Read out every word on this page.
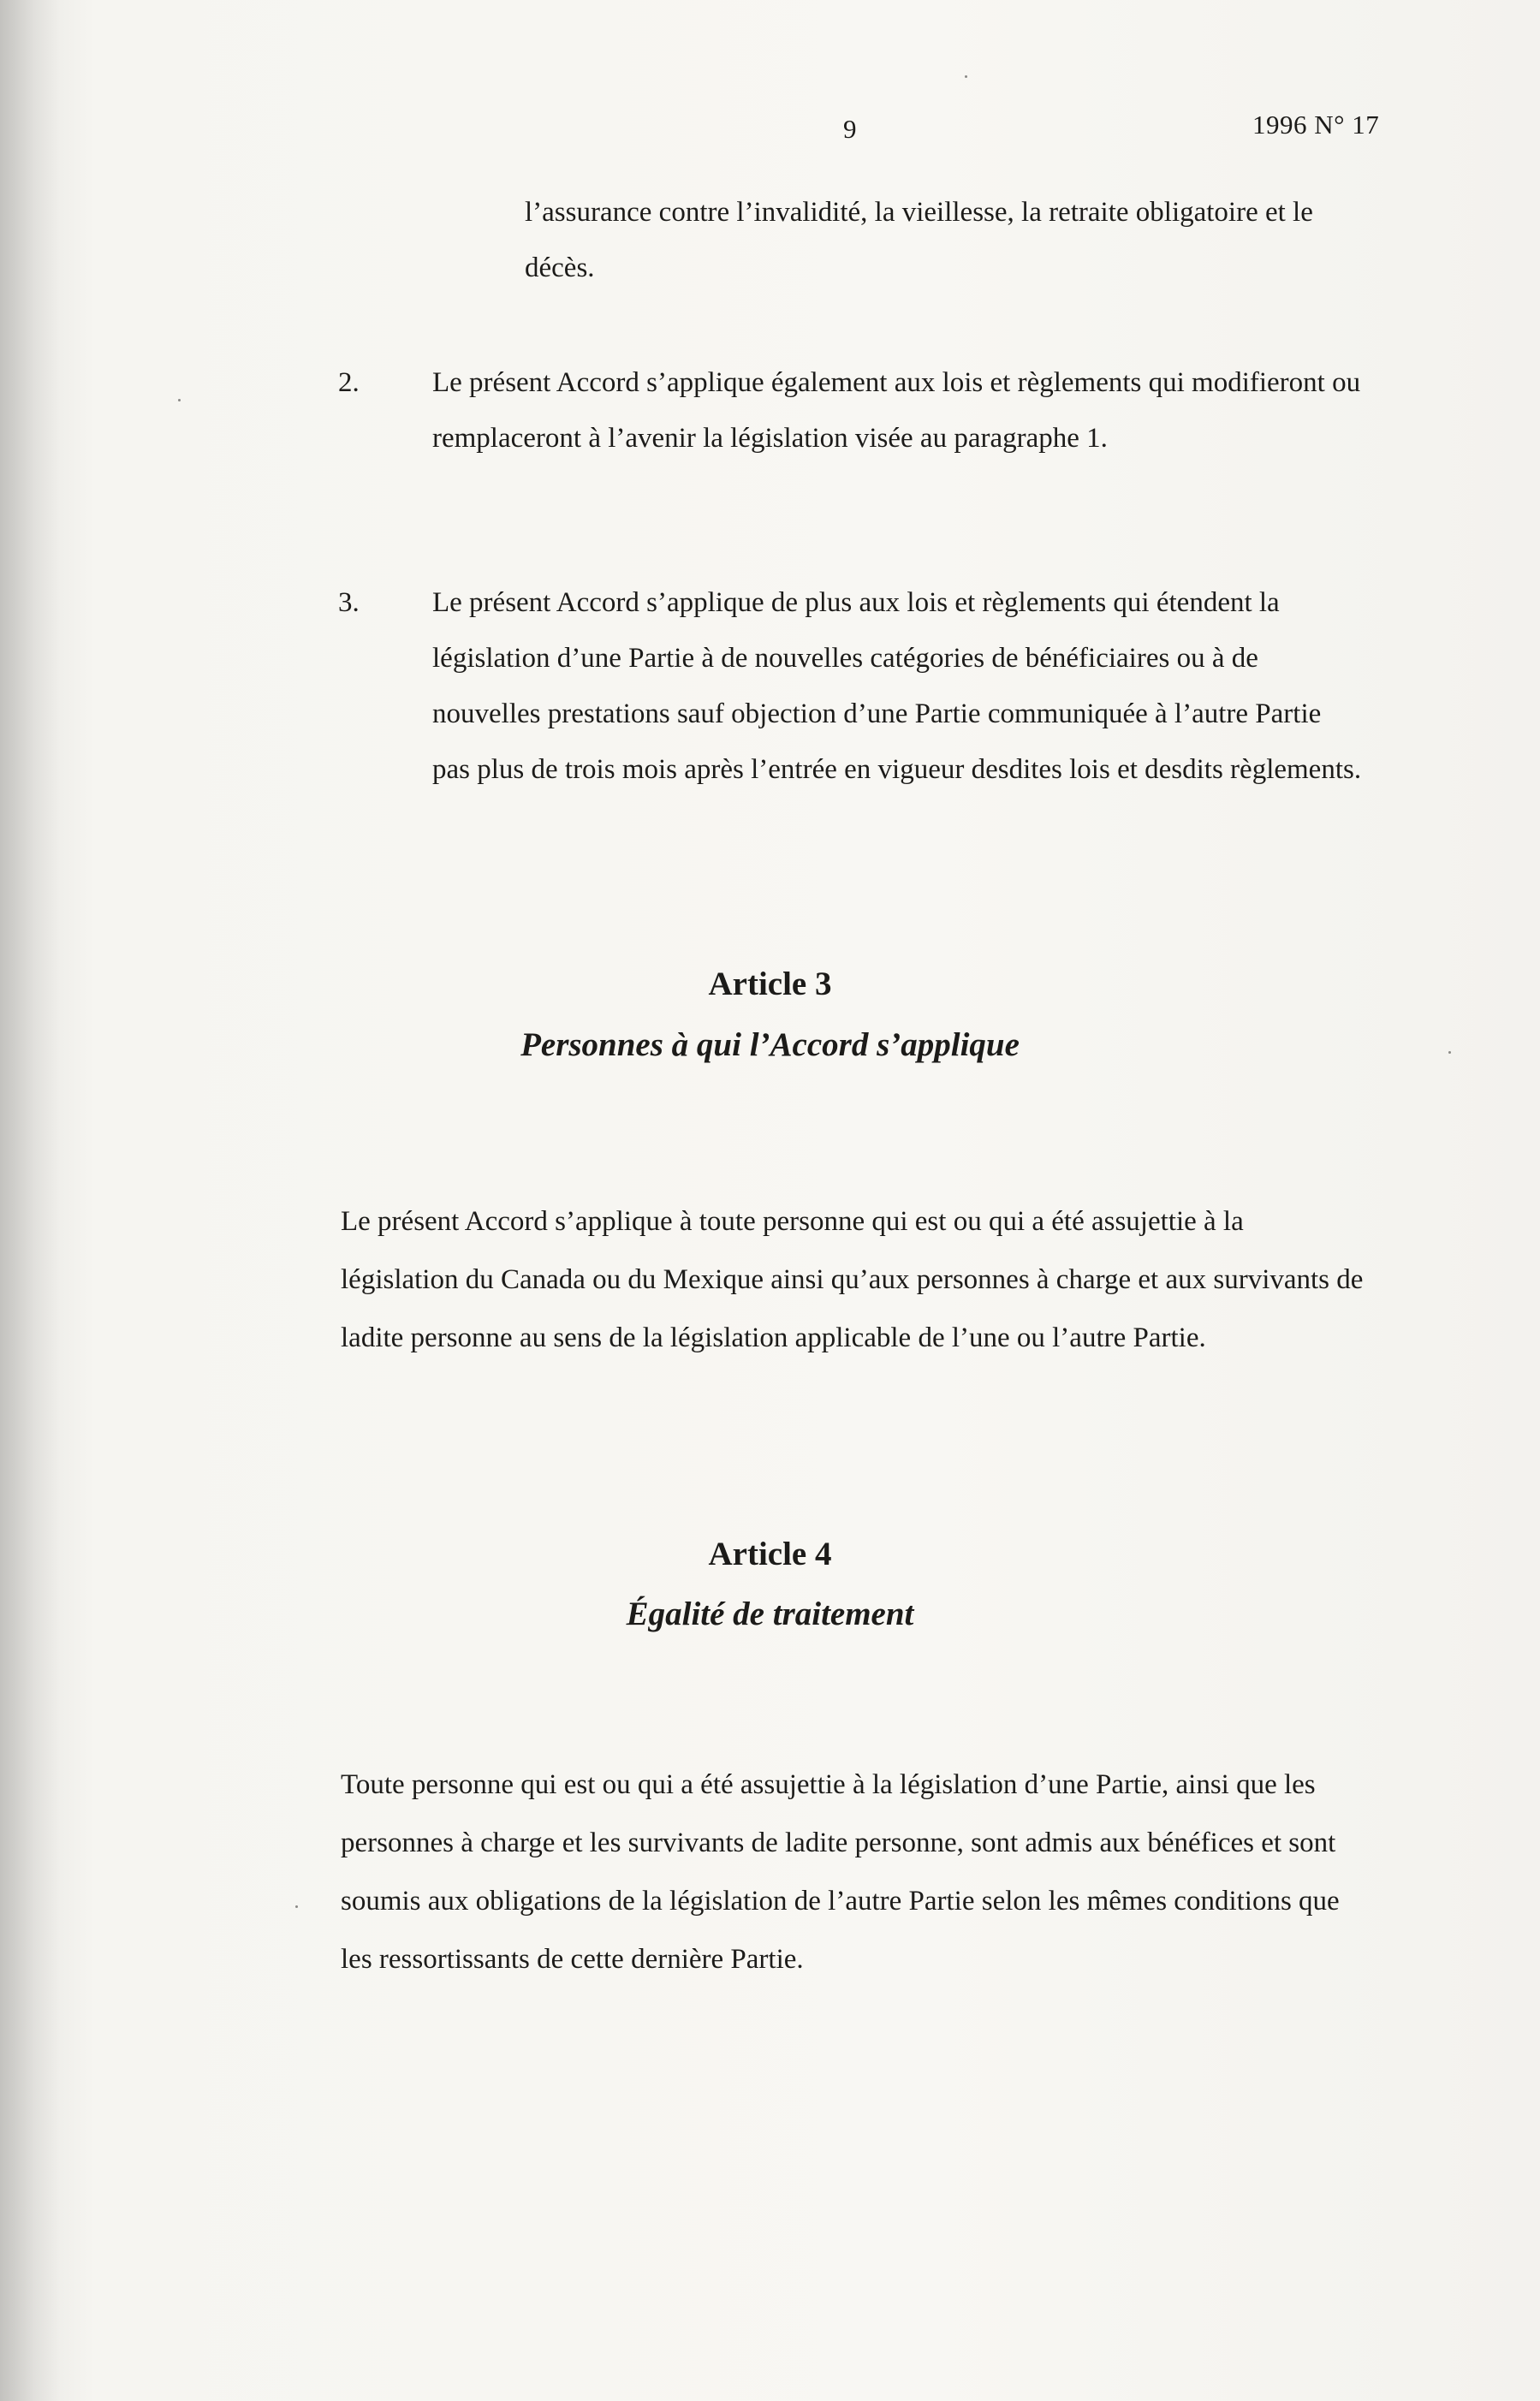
9	1996 N° 17

l’assurance contre l’invalidité, la vieillesse, la retraite obligatoire et le décès.

2.	Le présent Accord s’applique également aux lois et règlements qui modifieront ou remplaceront à l’avenir la législation visée au paragraphe 1.

3.	Le présent Accord s’applique de plus aux lois et règlements qui étendent la législation d’une Partie à de nouvelles catégories de bénéficiaires ou à de nouvelles prestations sauf objection d’une Partie communiquée à l’autre Partie pas plus de trois mois après l’entrée en vigueur desdites lois et desdits règlements.

Article 3
Personnes à qui l’Accord s’applique

Le présent Accord s’applique à toute personne qui est ou qui a été assujettie à la législation du Canada ou du Mexique ainsi qu’aux personnes à charge et aux survivants de ladite personne au sens de la législation applicable de l’une ou l’autre Partie.

Article 4
Égalité de traitement

Toute personne qui est ou qui a été assujettie à la législation d’une Partie, ainsi que les personnes à charge et les survivants de ladite personne, sont admis aux bénéfices et sont soumis aux obligations de la législation de l’autre Partie selon les mêmes conditions que les ressortissants de cette dernière Partie.
